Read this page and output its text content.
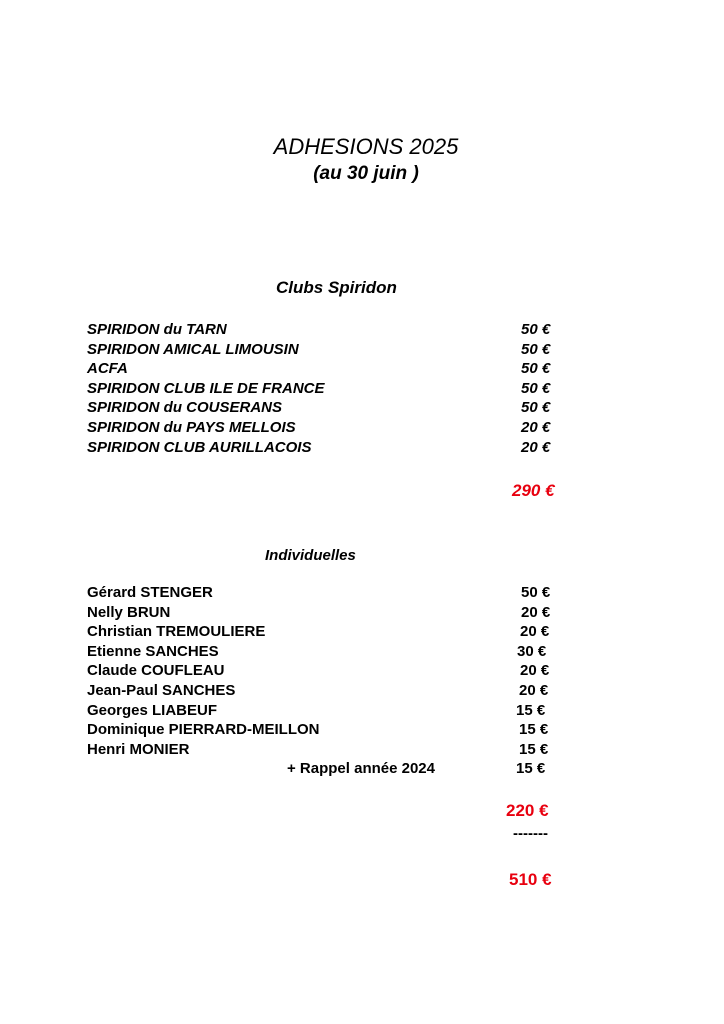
ADHESIONS 2025
(au 30 juin )
Clubs Spiridon
SPIRIDON du TARN	50 €
SPIRIDON AMICAL LIMOUSIN	50 €
ACFA	50 €
SPIRIDON CLUB ILE DE FRANCE	50 €
SPIRIDON du COUSERANS	50 €
SPIRIDON du PAYS MELLOIS	20 €
SPIRIDON CLUB AURILLACOIS	20 €
290 €
Individuelles
Gérard STENGER	50 €
Nelly BRUN	20 €
Christian TREMOULIERE	20 €
Etienne SANCHES	30 €
Claude COUFLEAU	20 €
Jean-Paul SANCHES	20 €
Georges LIABEUF	15 €
Dominique PIERRARD-MEILLON	15 €
Henri MONIER	15 €
+ Rappel année 2024	15 €
220 €
-------
510 €
